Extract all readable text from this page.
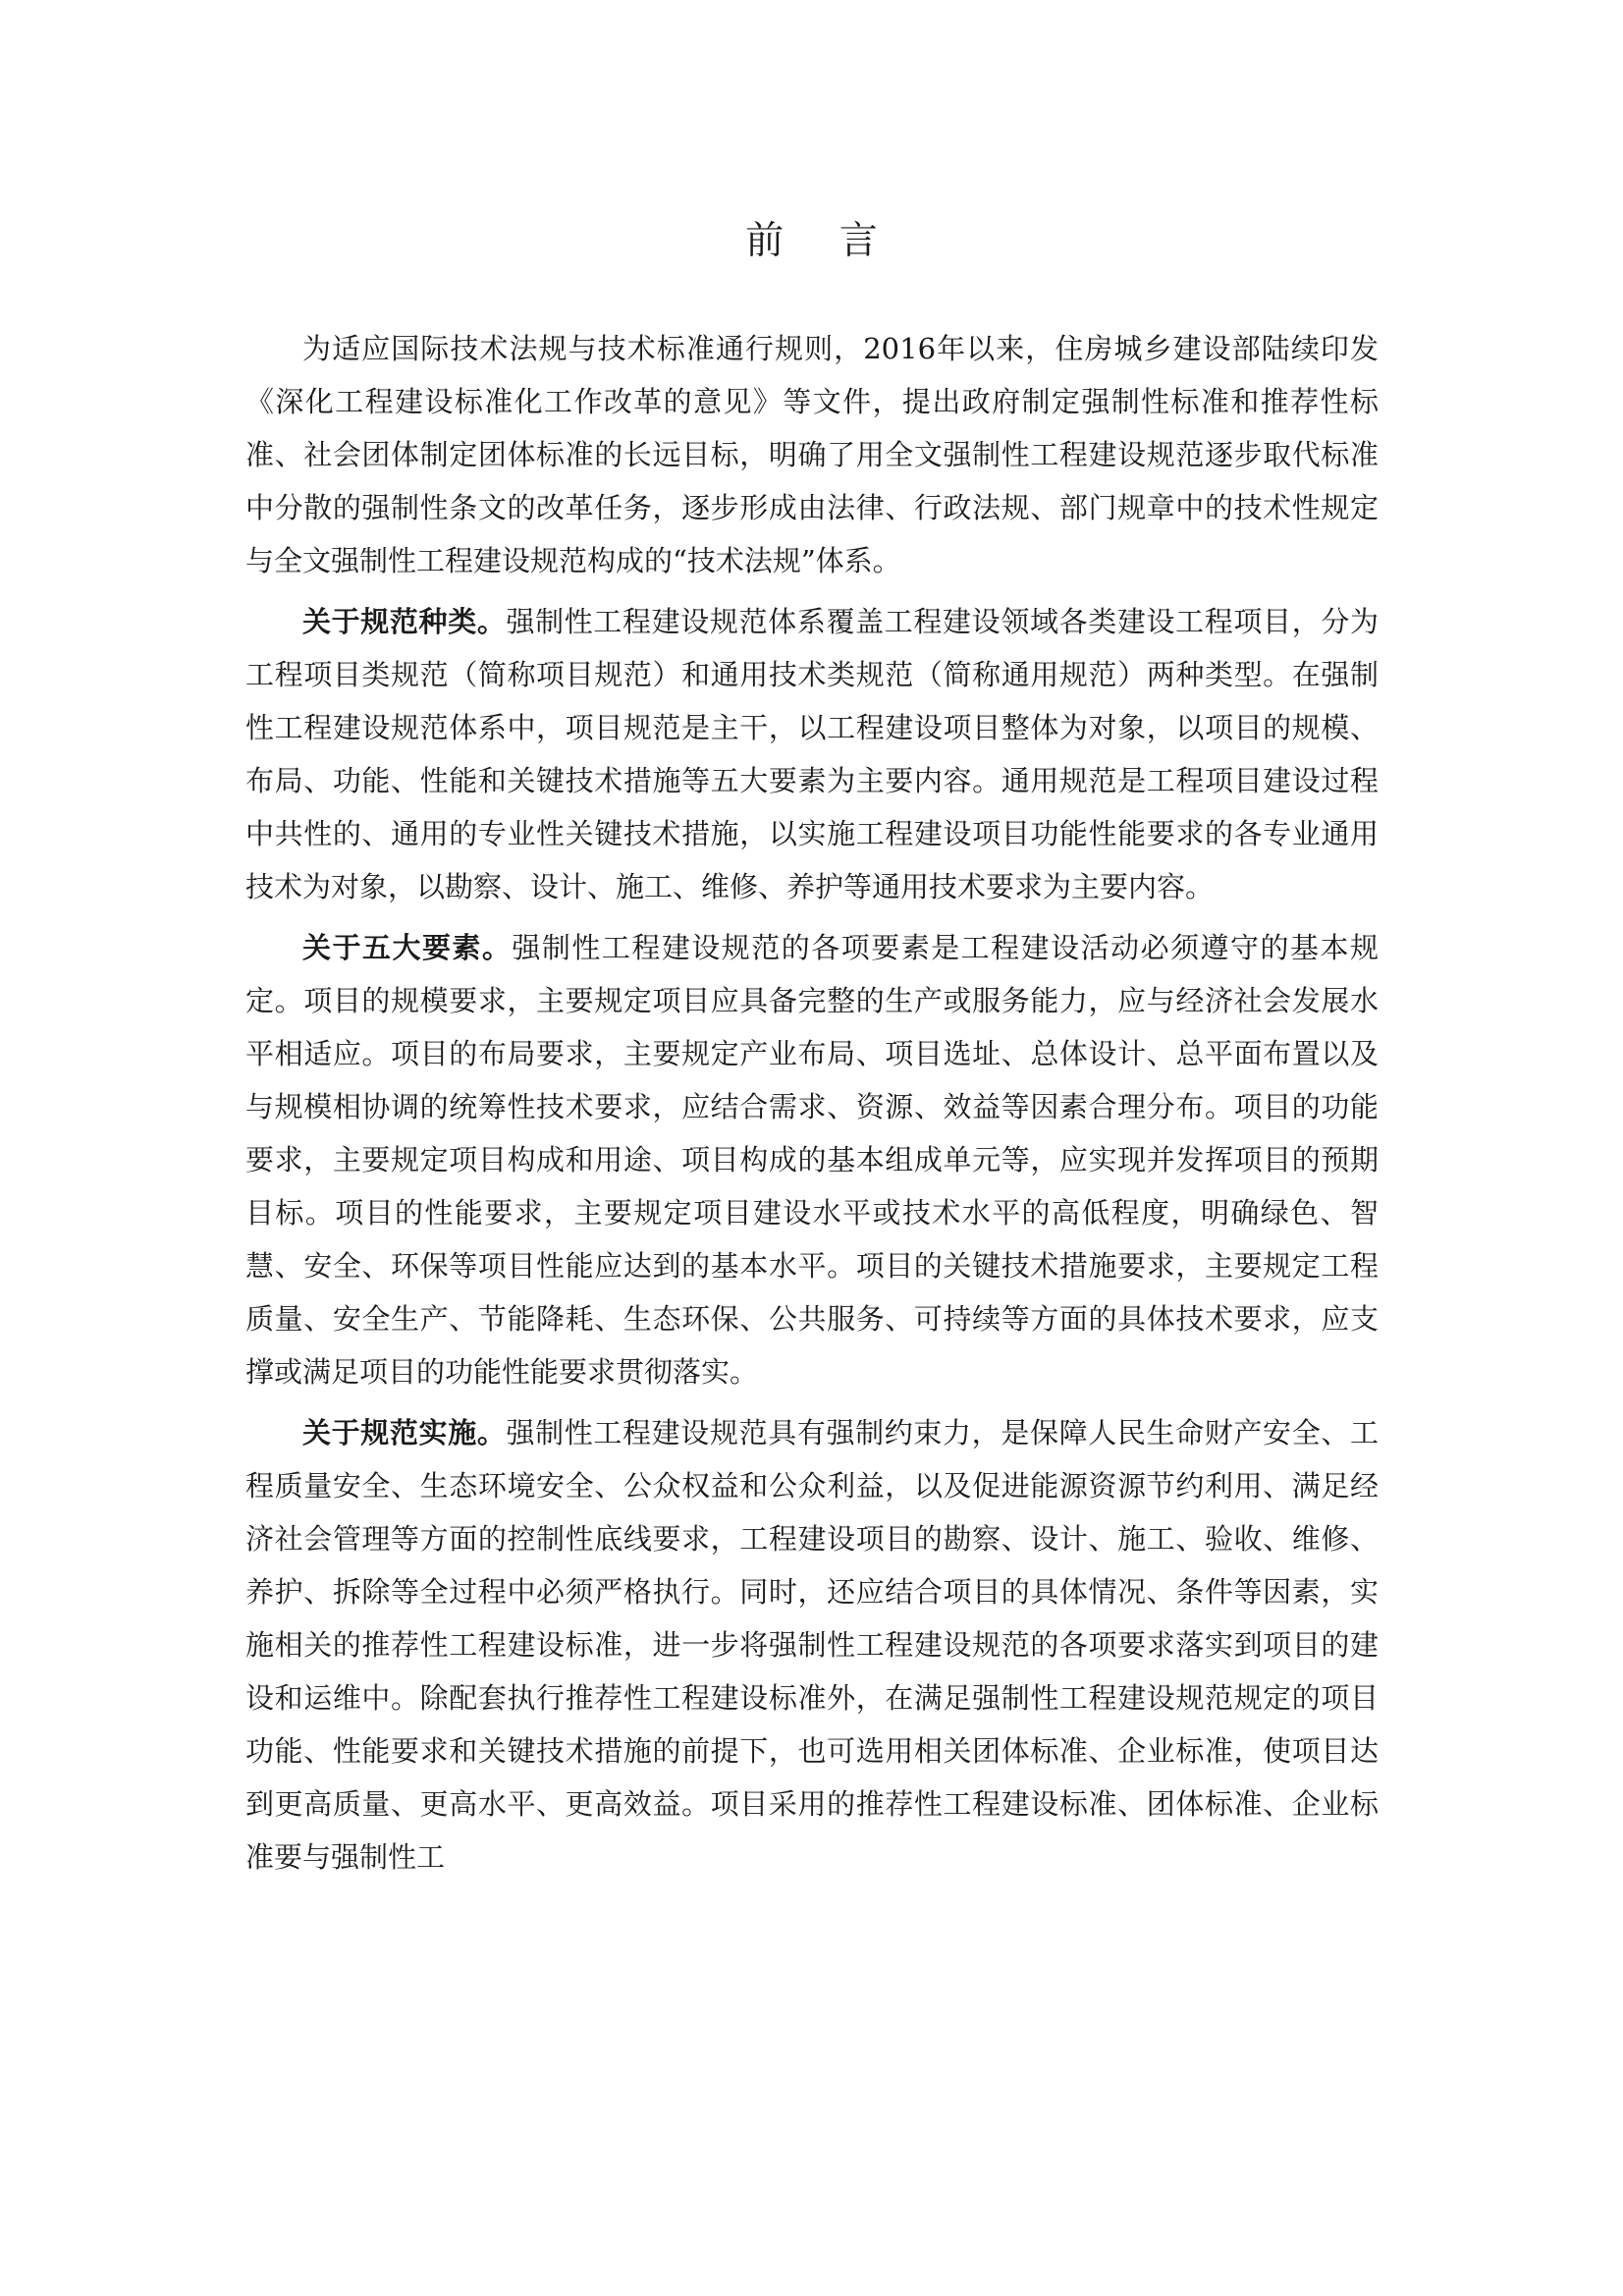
前 言

为适应国际技术法规与技术标准通行规则，2016年以来，住房城乡建设部陆续印发《深化工程建设标准化工作改革的意见》等文件，提出政府制定强制性标准和推荐性标准、社会团体制定团体标准的长远目标，明确了用全文强制性工程建设规范逐步取代标准中分散的强制性条文的改革任务，逐步形成由法律、行政法规、部门规章中的技术性规定与全文强制性工程建设规范构成的“技术法规”体系。

关于规范种类。强制性工程建设规范体系覆盖工程建设领域各类建设工程项目，分为工程项目类规范（简称项目规范）和通用技术类规范（简称通用规范）两种类型。在强制性工程建设规范体系中，项目规范是主干，以工程建设项目整体为对象，以项目的规模、布局、功能、性能和关键技术措施等五大要素为主要内容。通用规范是工程项目建设过程中共性的、通用的专业性关键技术措施，以实施工程建设项目功能性能要求的各专业通用技术为对象，以勘察、设计、施工、维修、养护等通用技术要求为主要内容。

关于五大要素。强制性工程建设规范的各项要素是工程建设活动必须遵守的基本规定。项目的规模要求，主要规定项目应具备完整的生产或服务能力，应与经济社会发展水平相适应。项目的布局要求，主要规定产业布局、项目选址、总体设计、总平面布置以及与规模相协调的统筹性技术要求，应结合需求、资源、效益等因素合理分布。项目的功能要求，主要规定项目构成和用途、项目构成的基本组成单元等，应实现并发挥项目的预期目标。项目的性能要求，主要规定项目建设水平或技术水平的高低程度，明确绿色、智慧、安全、环保等项目性能应达到的基本水平。项目的关键技术措施要求，主要规定工程质量、安全生产、节能降耗、生态环保、公共服务、可持续等方面的具体技术要求，应支撑或满足项目的功能性能要求贯彻落实。

关于规范实施。强制性工程建设规范具有强制约束力，是保障人民生命财产安全、工程质量安全、生态环境安全、公众权益和公众利益，以及促进能源资源节约利用、满足经济社会管理等方面的控制性底线要求，工程建设项目的勘察、设计、施工、验收、维修、养护、拆除等全过程中必须严格执行。同时，还应结合项目的具体情况、条件等因素，实施相关的推荐性工程建设标准，进一步将强制性工程建设规范的各项要求落实到项目的建设和运维中。除配套执行推荐性工程建设标准外，在满足强制性工程建设规范规定的项目功能、性能要求和关键技术措施的前提下，也可选用相关团体标准、企业标准，使项目达到更高质量、更高水平、更高效益。项目采用的推荐性工程建设标准、团体标准、企业标准要与强制性工
